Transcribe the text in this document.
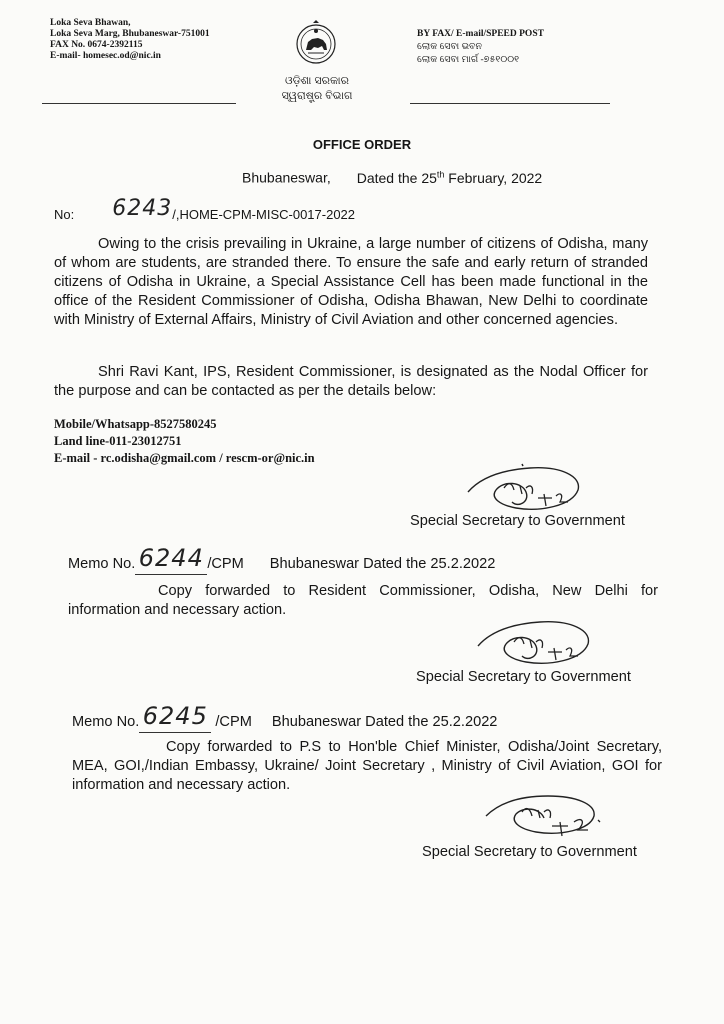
Loka Seva Bhawan,
Loka Seva Marg, Bhubaneswar-751001
FAX No. 0674-2392115
E-mail- homesec.od@nic.in
ଓଡ଼ିଶା ସରକାର
ସ୍ୱରାଷ୍ଟ୍ର ବିଭାଗ
BY FAX/ E-mail/SPEED POST
ଲୋକ ସେବା ଭବନ
ଲୋକ ସେବା ମାର୍ଗ -୭୫୧୦୦୧
OFFICE ORDER
Bhubaneswar, Dated the 25th February, 2022
No: 6243/,HOME-CPM-MISC-0017-2022
Owing to the crisis prevailing in Ukraine, a large number of citizens of Odisha, many of whom are students, are stranded there. To ensure the safe and early return of stranded citizens of Odisha in Ukraine, a Special Assistance Cell has been made functional in the office of the Resident Commissioner of Odisha, Odisha Bhawan, New Delhi to coordinate with Ministry of External Affairs, Ministry of Civil Aviation and other concerned agencies.
Shri Ravi Kant, IPS, Resident Commissioner, is designated as the Nodal Officer for the purpose and can be contacted as per the details below:
Mobile/Whatsapp-8527580245
Land line-011-23012751
E-mail - rc.odisha@gmail.com / rescm-or@nic.in
Special Secretary to Government
Memo No. 6244 /CPM Bhubaneswar Dated the 25.2.2022
Copy forwarded to Resident Commissioner, Odisha, New Delhi for information and necessary action.
Special Secretary to Government
Memo No. 6245 /CPM Bhubaneswar Dated the 25.2.2022
Copy forwarded to P.S to Hon'ble Chief Minister, Odisha/Joint Secretary, MEA, GOI,/Indian Embassy, Ukraine/ Joint Secretary , Ministry of Civil Aviation, GOI for information and necessary action.
Special Secretary to Government
